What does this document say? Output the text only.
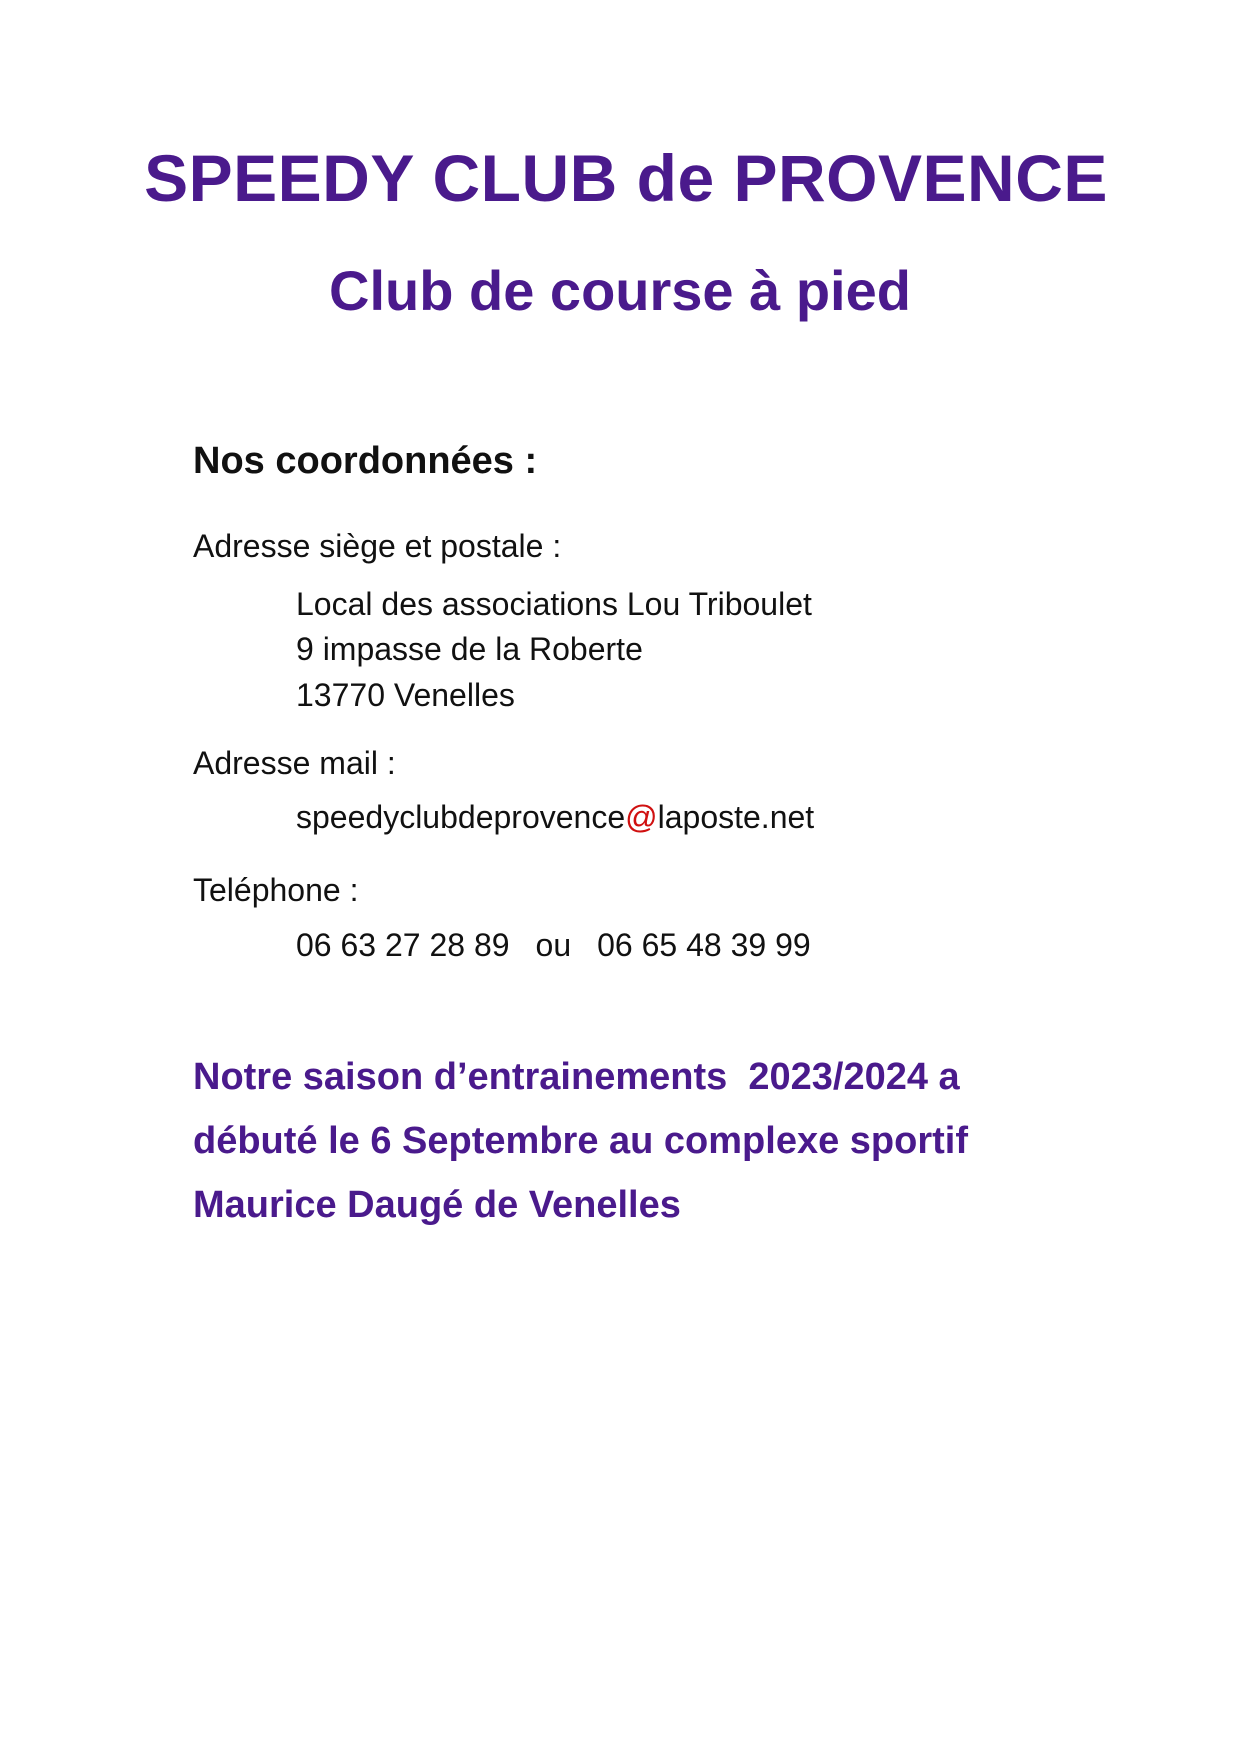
SPEEDY CLUB de PROVENCE
Club de course à pied
Nos coordonnées :

Adresse siège et postale :

Local des associations Lou Triboulet

9 impasse de la Roberte

13770 Venelles

Adresse mail :

speedyclubdeprovence@laposte.net

Teléphone :

06 63 27 28 89 ou 06 65 48 39 99

Notre saison d’entrainements  2023/2024 a
débuté le 6 Septembre au complexe sportif
Maurice Daugé de Venelles
